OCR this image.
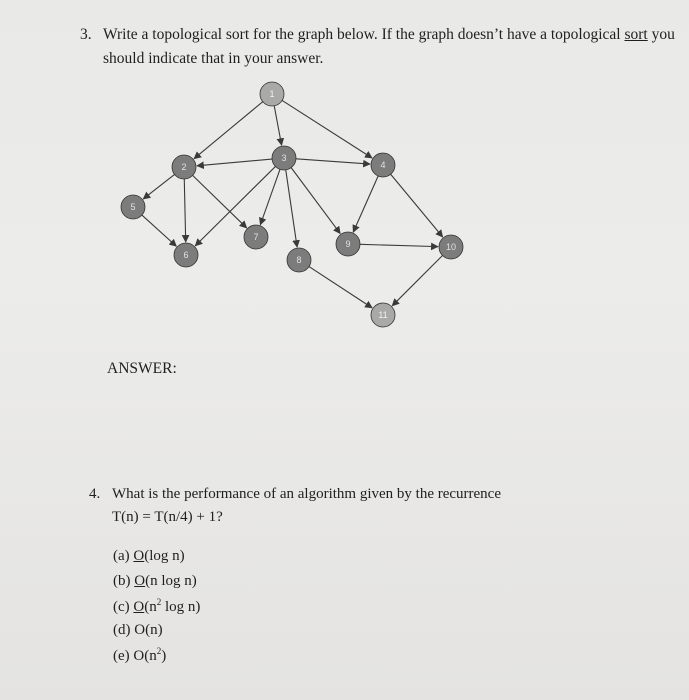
3. Write a topological sort for the graph below. If the graph doesn’t have a topological sort you
should indicate that in your answer.
1
2
3
4
5
6
7
8
9	10
11
ANSWER:
4. What is the performance of an algorithm given by the recurrence
T(n) = T(n/4) + 1?
(a) O(log n)
(b) O(n log n)
(c) $O(n^2$ log n)
(d) O(n)
(e) $O(n^2)$
